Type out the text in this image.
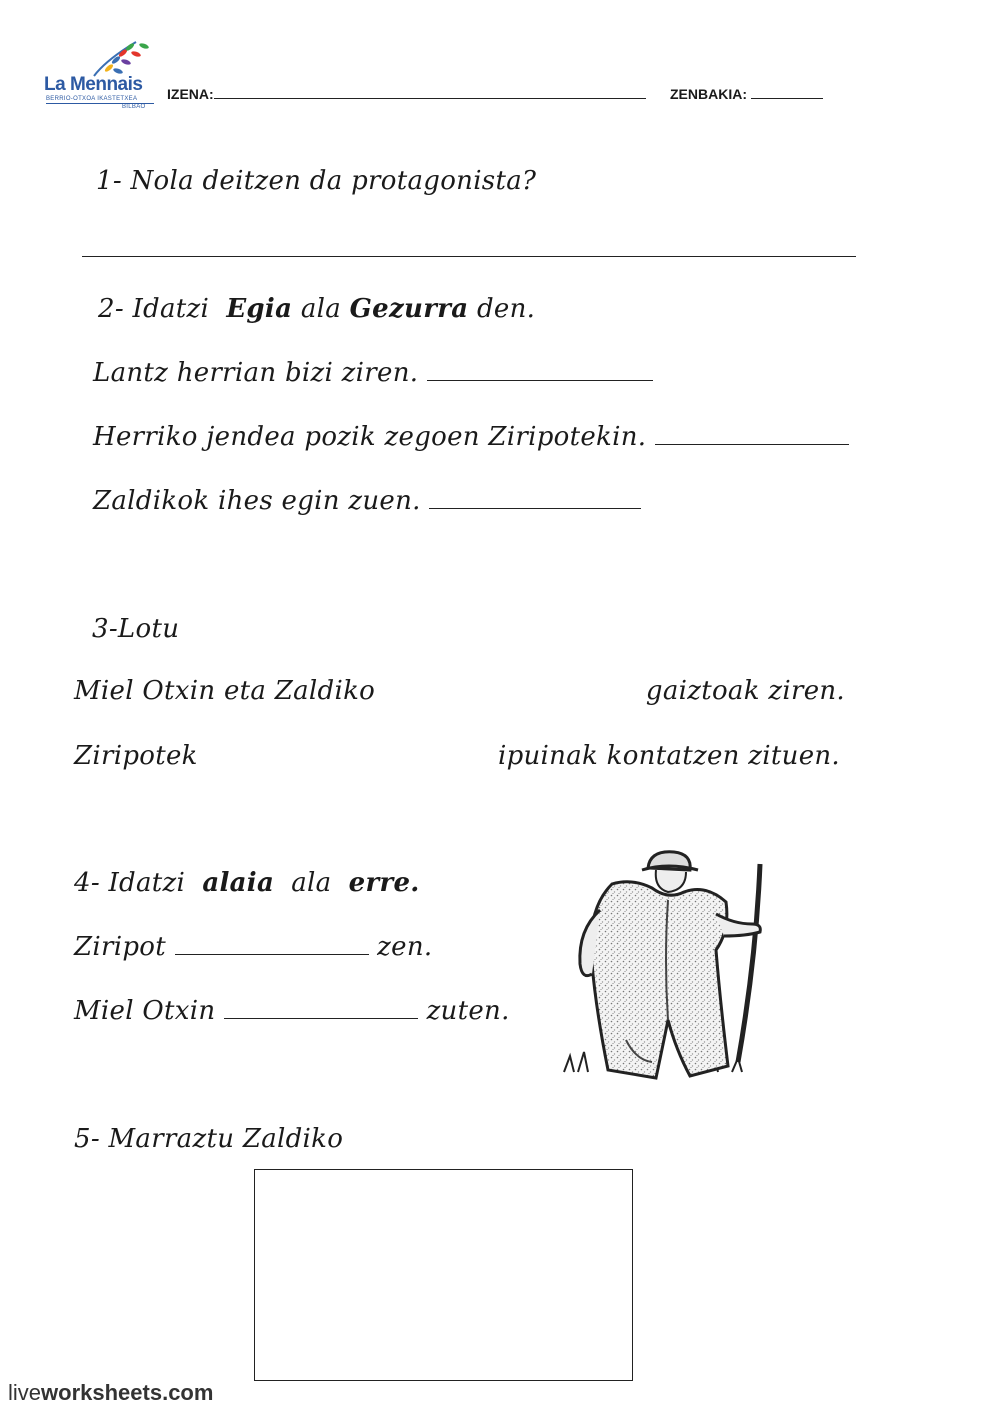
La Mennais
BERRIO-OTXOA IKASTETXEA
BILBAO
IZENA:	ZENBAKIA:
1- Nola deitzen da protagonista?
2- Idatzi Egia ala Gezurra den.
Lantz herrian bizi ziren.
Herriko jendea pozik zegoen Ziripotekin.
Zaldikok ihes egin zuen.
3-Lotu
Miel Otxin eta Zaldiko	gaiztoak ziren.
Ziripotek	ipuinak kontatzen zituen.
4- Idatzi alaia ala erre.
Ziripot	zen.
Miel Otxin	zuten.
5- Marraztu Zaldiko
liveworksheets.com
